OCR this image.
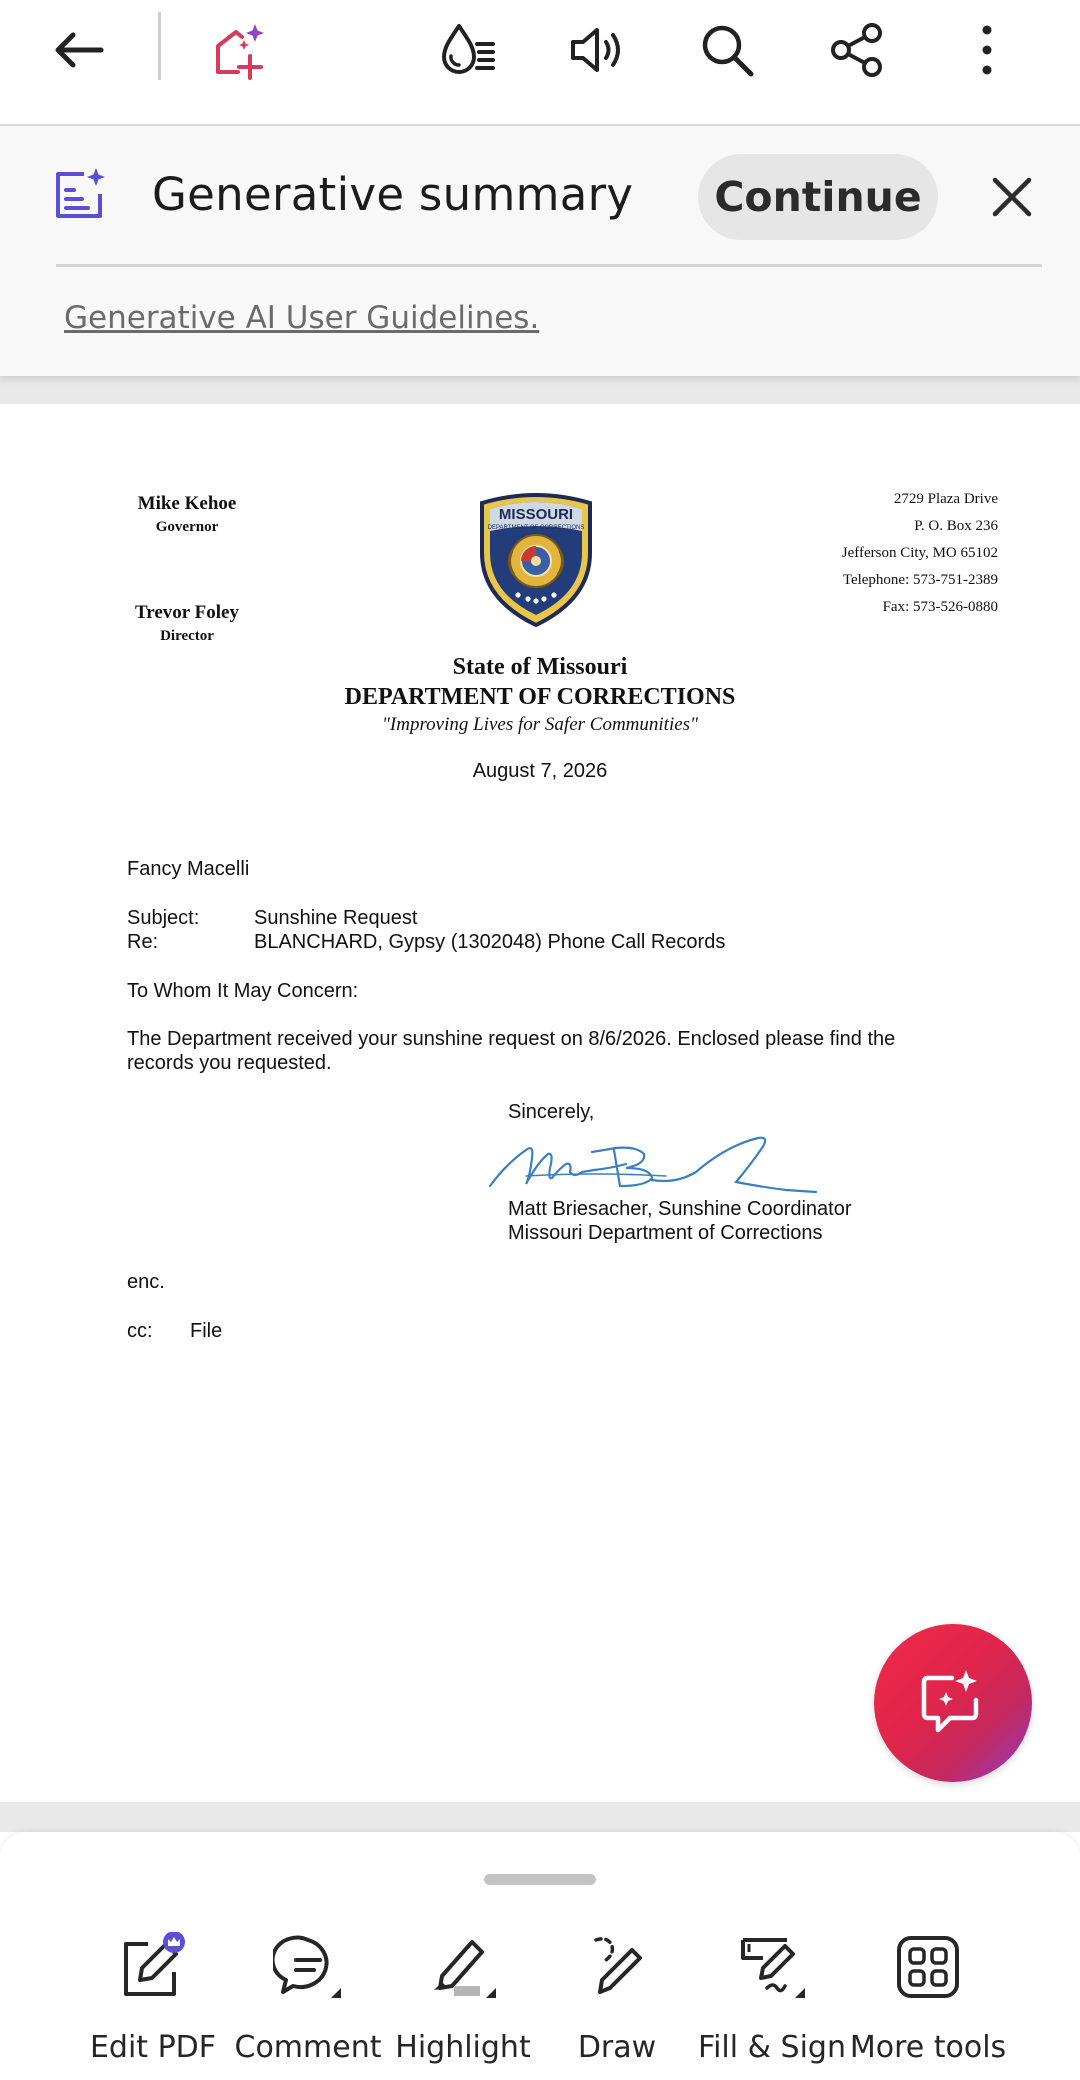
Generative summary	Continue
Generative AI User Guidelines.
Mike Kehoe
Governor
Trevor Foley
Director
MISSOURI
DEPARTMENT OF CORRECTIONS
2729 Plaza Drive
P. O. Box 236
Jefferson City, MO 65102
Telephone: 573-751-2389
Fax: 573-526-0880
State of Missouri
DEPARTMENT OF CORRECTIONS
"Improving Lives for Safer Communities"
August 7, 2026
Fancy Macelli
Subject:	Sunshine Request
Re:	BLANCHARD, Gypsy (1302048) Phone Call Records
To Whom It May Concern:
The Department received your sunshine request on 8/6/2026. Enclosed please find the
records you requested.
Sincerely,
Matt Briesacher, Sunshine Coordinator
Missouri Department of Corrections
enc.
cc: File
Edit PDF Comment Highlight	Draw	Fill & Sign More tools
